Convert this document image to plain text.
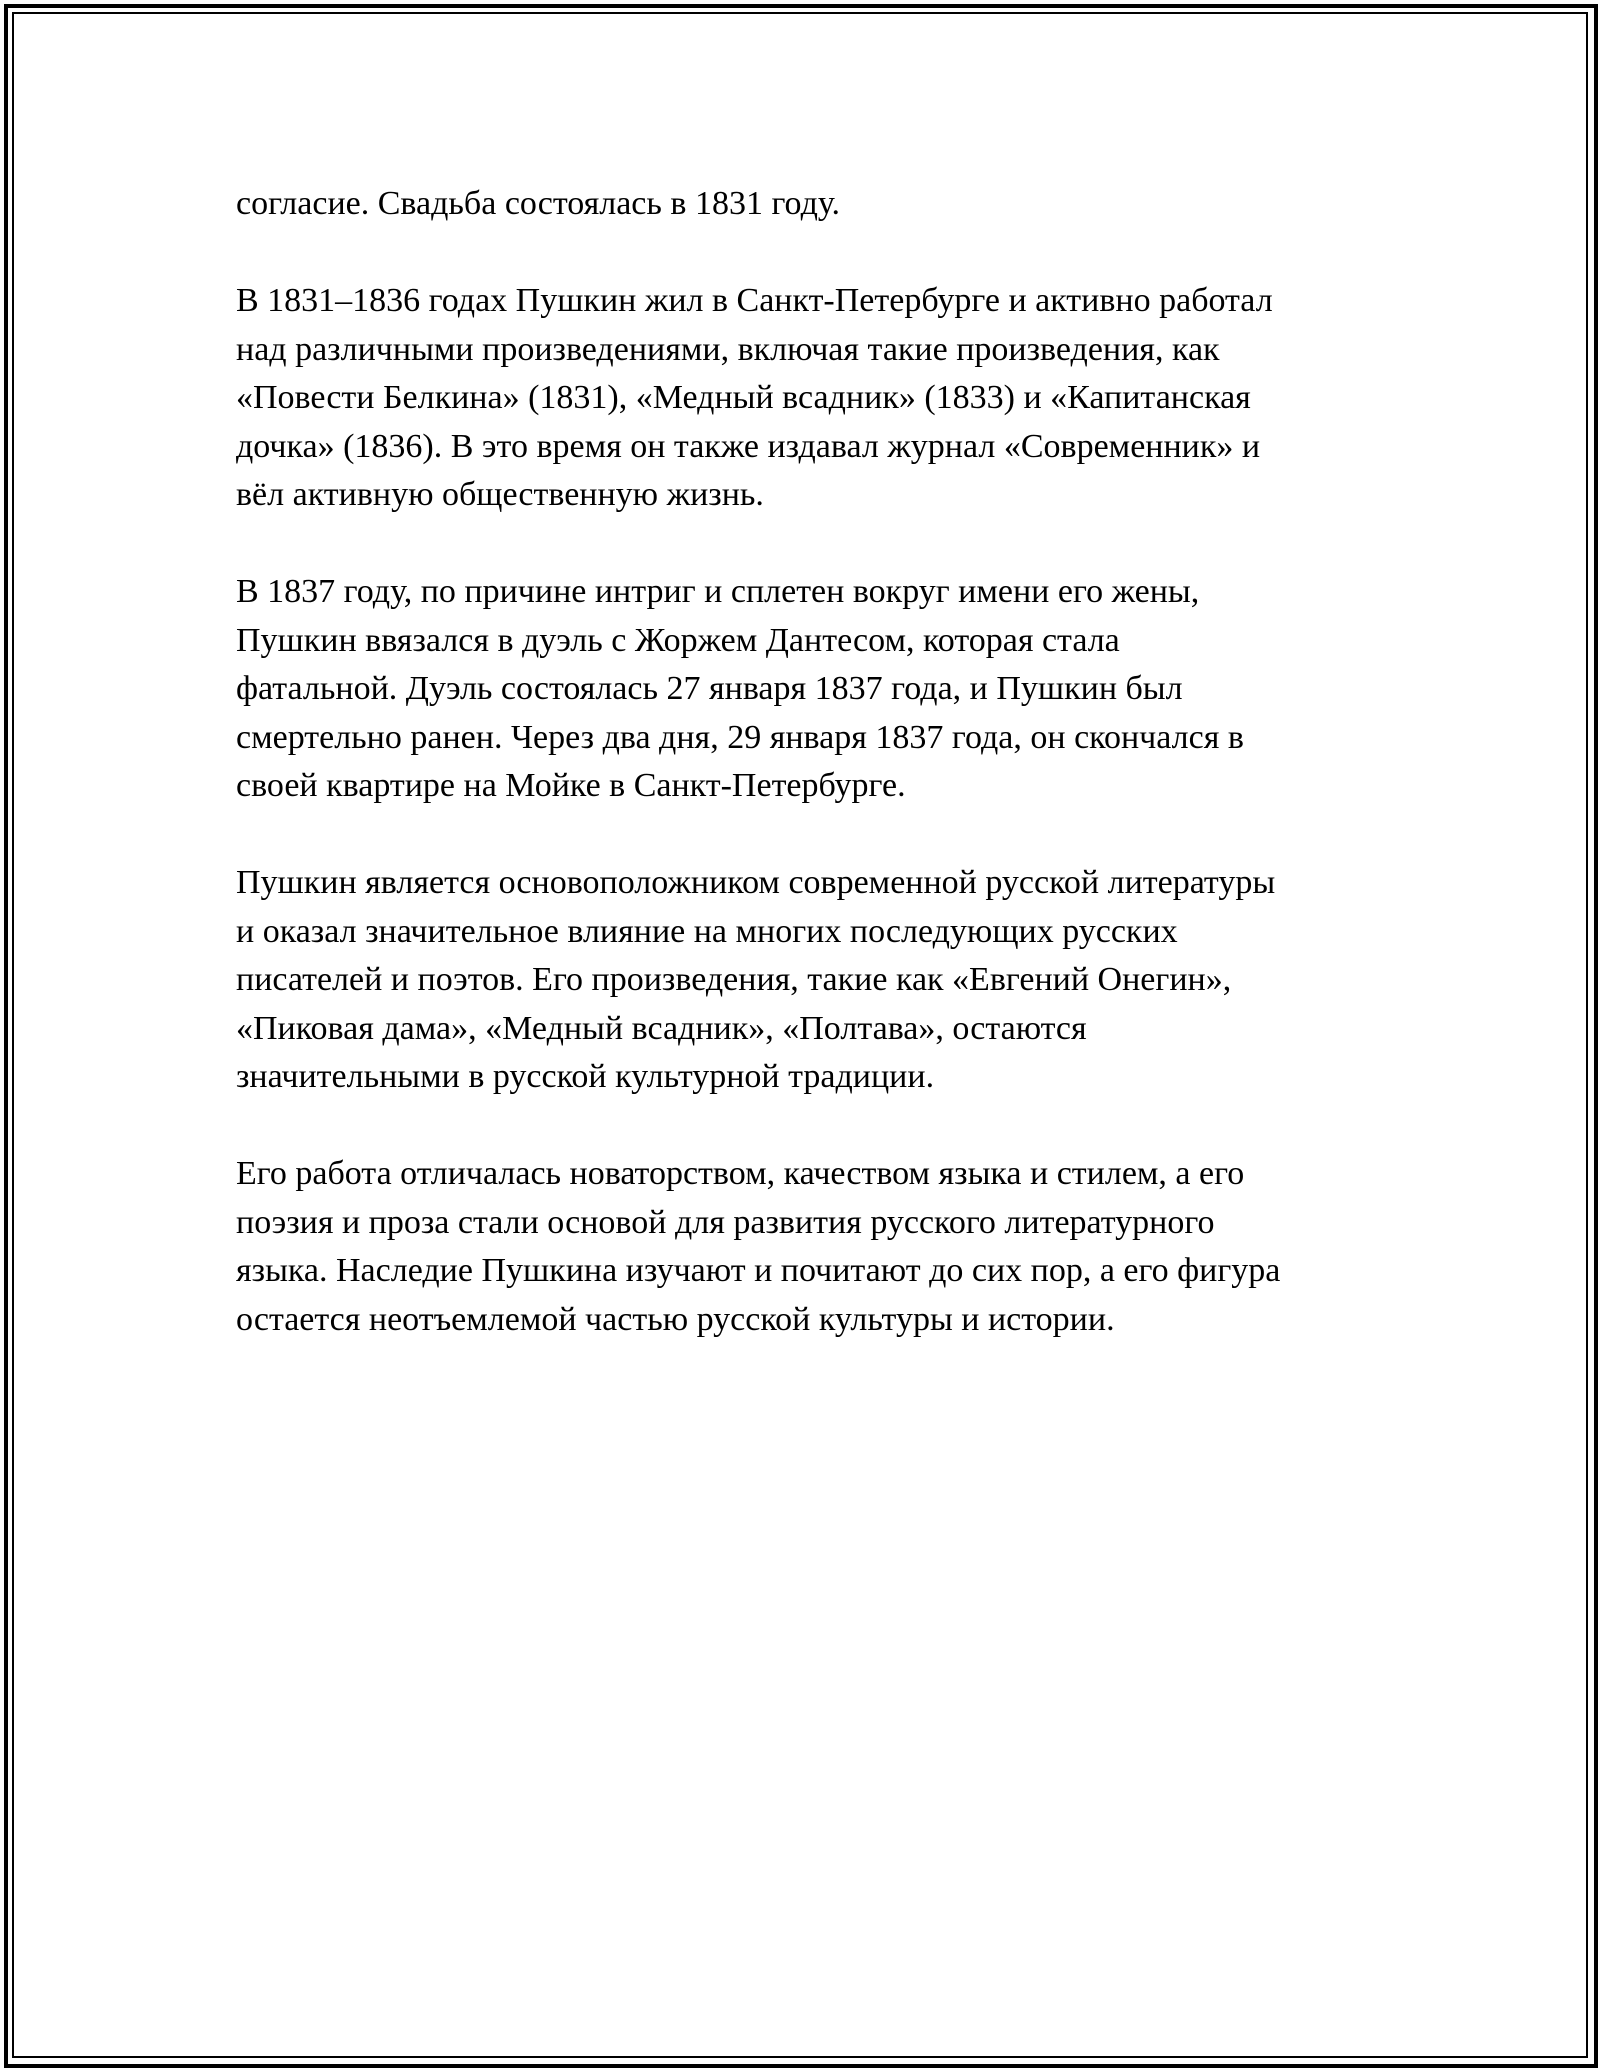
согласие. Свадьба состоялась в 1831 году.

В 1831–1836 годах Пушкин жил в Санкт-Петербурге и активно работал
над различными произведениями, включая такие произведения, как
«Повести Белкина» (1831), «Медный всадник» (1833) и «Капитанская
дочка» (1836). В это время он также издавал журнал «Современник» и
вёл активную общественную жизнь.

В 1837 году, по причине интриг и сплетен вокруг имени его жены,
Пушкин ввязался в дуэль с Жоржем Дантесом, которая стала
фатальной. Дуэль состоялась 27 января 1837 года, и Пушкин был
смертельно ранен. Через два дня, 29 января 1837 года, он скончался в
своей квартире на Мойке в Санкт-Петербурге.

Пушкин является основоположником современной русской литературы
и оказал значительное влияние на многих последующих русских
писателей и поэтов. Его произведения, такие как «Евгений Онегин»,
«Пиковая дама», «Медный всадник», «Полтава», остаются
значительными в русской культурной традиции.

Его работа отличалась новаторством, качеством языка и стилем, а его
поэзия и проза стали основой для развития русского литературного
языка. Наследие Пушкина изучают и почитают до сих пор, а его фигура
остается неотъемлемой частью русской культуры и истории.
